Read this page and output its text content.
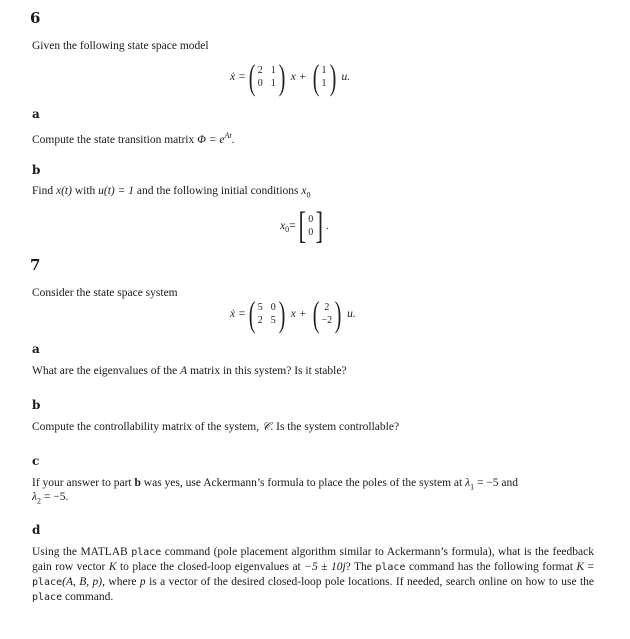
6
Given the following state space model
ẋ = ( 2 1
0 1 ) x + ( 1
1 ) u.
a
Compute the state transition matrix $\Phi = e^{At}$.
b
Find x(t) with u(t) = 1 and the following initial conditions $x_0$
$x_0$ = [ 0
0 ] .
7
Consider the state space system
ẋ = ( 5 0
2 5 ) x + ( 2
−2 ) u.
a
What are the eigenvalues of the A matrix in this system? Is it stable?
b
Compute the controllability matrix of the system, 𝒞. Is the system controllable?
c
If your answer to part b was yes, use Ackermann’s formula to place the poles of the system at $\lambda_1 = -5$ and
$\lambda_2 = -5$.
d
Using the MATLAB place command (pole placement algorithm similar to Ackermann’s formula), what is the feedback gain row vector K to place the closed-loop eigenvalues at −5 ± 10j? The place command has the following format K = place(A, B, p), where p is a vector of the desired closed-loop pole locations. If needed, search online on how to use the place command.
